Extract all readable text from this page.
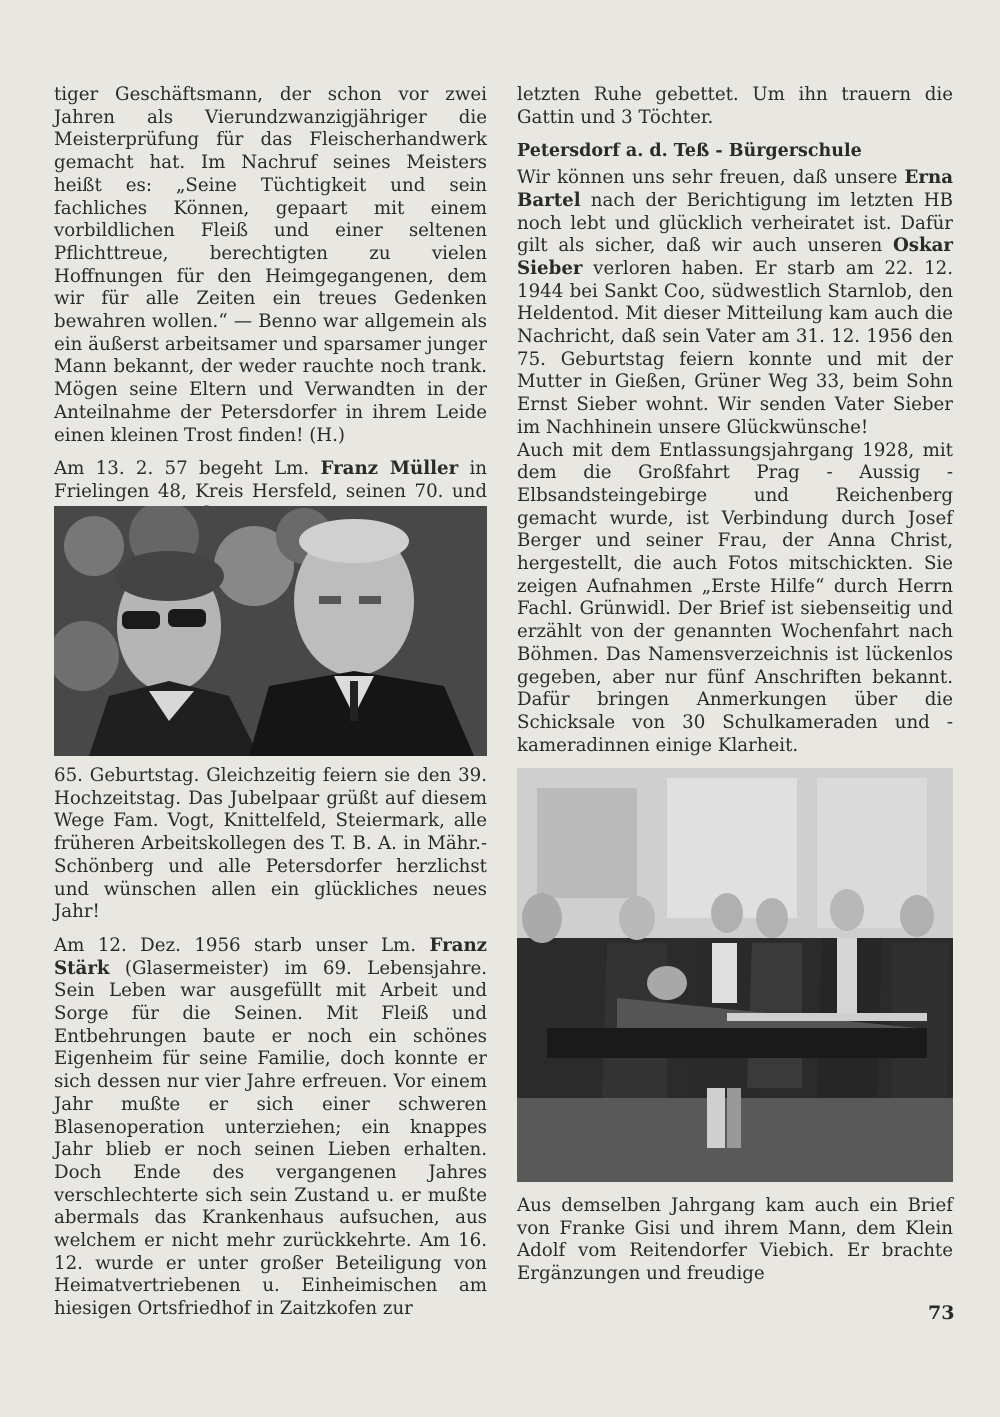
tiger Geschäftsmann, der schon vor zwei Jahren als Vierundzwanzigjähriger die Meisterprüfung für das Fleischerhandwerk gemacht hat. Im Nachruf seines Meisters heißt es: „Seine Tüchtigkeit und sein fachliches Können, gepaart mit einem vorbildlichen Fleiß und einer seltenen Pflichttreue, berechtigten zu vielen Hoffnungen für den Heimgegangenen, dem wir für alle Zeiten ein treues Gedenken bewahren wollen.“ — Benno war allgemein als ein äußerst arbeitsamer und sparsamer junger Mann bekannt, der weder rauchte noch trank. Mögen seine Eltern und Verwandten in der Anteilnahme der Petersdorfer in ihrem Leide einen kleinen Trost finden! (H.)

Am 13. 2. 57 begeht Lm. Franz Müller in Frielingen 48, Kreis Hersfeld, seinen 70. und

65. Geburtstag. Gleichzeitig feiern sie den 39. Hochzeitstag. Das Jubelpaar grüßt auf diesem Wege Fam. Vogt, Knittelfeld, Steiermark, alle früheren Arbeitskollegen des T. B. A. in Mähr.-Schönberg und alle Petersdorfer herzlichst und wünschen allen ein glückliches neues Jahr!

Am 12. Dez. 1956 starb unser Lm. Franz Stärk (Glasermeister) im 69. Lebensjahre. Sein Leben war ausgefüllt mit Arbeit und Sorge für die Seinen. Mit Fleiß und Entbehrungen baute er noch ein schönes Eigenheim für seine Familie, doch konnte er sich dessen nur vier Jahre erfreuen. Vor einem Jahr mußte er sich einer schweren Blasenoperation unterziehen; ein knappes Jahr blieb er noch seinen Lieben erhalten. Doch Ende des vergangenen Jahres verschlechterte sich sein Zustand u. er mußte abermals das Krankenhaus aufsuchen, aus welchem er nicht mehr zurückkehrte. Am 16. 12. wurde er unter großer Beteiligung von Heimatvertriebenen u. Einheimischen am hiesigen Ortsfriedhof in Zaitzkofen zur

letzten Ruhe gebettet. Um ihn trauern die Gattin und 3 Töchter.

Petersdorf a. d. Teß - Bürgerschule

Wir können uns sehr freuen, daß unsere Erna Bartel nach der Berichtigung im letzten HB noch lebt und glücklich verheiratet ist. Dafür gilt als sicher, daß wir auch unseren Oskar Sieber verloren haben. Er starb am 22. 12. 1944 bei Sankt Coo, südwestlich Starnlob, den Heldentod. Mit dieser Mitteilung kam auch die Nachricht, daß sein Vater am 31. 12. 1956 den 75. Geburtstag feiern konnte und mit der Mutter in Gießen, Grüner Weg 33, beim Sohn Ernst Sieber wohnt. Wir senden Vater Sieber im Nachhinein unsere Glückwünsche!

Auch mit dem Entlassungsjahrgang 1928, mit dem die Großfahrt Prag - Aussig - Elbsandsteingebirge und Reichenberg gemacht wurde, ist Verbindung durch Josef Berger und seiner Frau, der Anna Christ, hergestellt, die auch Fotos mitschickten. Sie zeigen Aufnahmen „Erste Hilfe“ durch Herrn Fachl. Grünwidl. Der Brief ist siebenseitig und erzählt von der genannten Wochenfahrt nach Böhmen. Das Namensverzeichnis ist lückenlos gegeben, aber nur fünf Anschriften bekannt. Dafür bringen Anmerkungen über die Schicksale von 30 Schulkameraden und -kameradinnen einige Klarheit.

Aus demselben Jahrgang kam auch ein Brief von Franke Gisi und ihrem Mann, dem Klein Adolf vom Reitendorfer Viebich. Er brachte Ergänzungen und freudige

73
